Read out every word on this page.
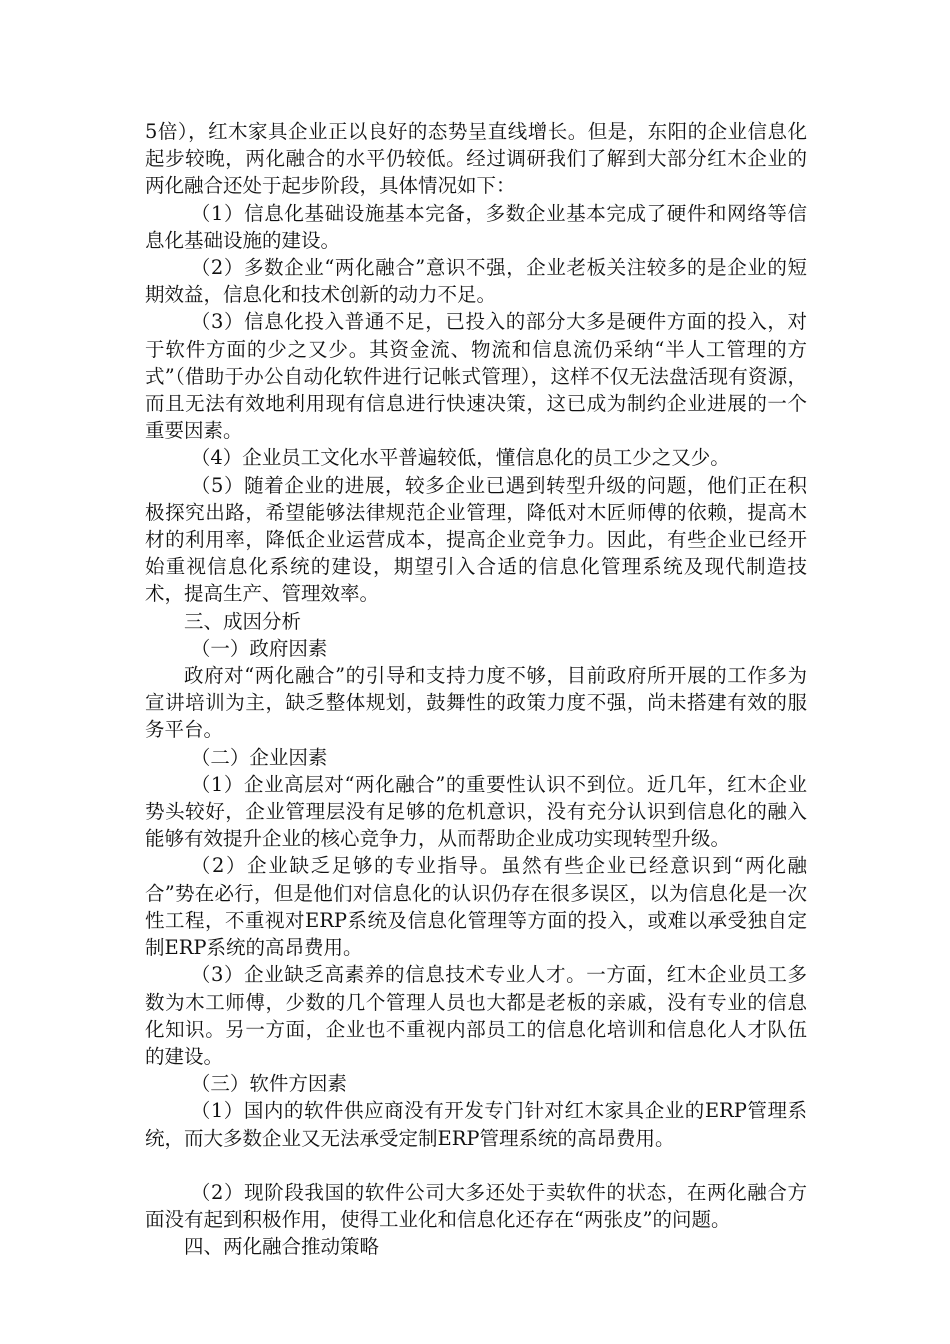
5倍），红木家具企业正以良好的态势呈直线增长。但是，东阳的企业信息化起步较晚，两化融合的水平仍较低。经过调研我们了解到大部分红木企业的两化融合还处于起步阶段，具体情况如下：

（1）信息化基础设施基本完备，多数企业基本完成了硬件和网络等信息化基础设施的建设。

（2）多数企业“两化融合”意识不强，企业老板关注较多的是企业的短期效益，信息化和技术创新的动力不足。

（3）信息化投入普通不足，已投入的部分大多是硬件方面的投入，对于软件方面的少之又少。其资金流、物流和信息流仍采纳“半人工管理的方式”（借助于办公自动化软件进行记帐式管理），这样不仅无法盘活现有资源，而且无法有效地利用现有信息进行快速决策，这已成为制约企业进展的一个重要因素。

（4）企业员工文化水平普遍较低，懂信息化的员工少之又少。

（5）随着企业的进展，较多企业已遇到转型升级的问题，他们正在积极探究出路，希望能够法律规范企业管理，降低对木匠师傅的依赖，提高木材的利用率，降低企业运营成本，提高企业竞争力。因此，有些企业已经开始重视信息化系统的建设，期望引入合适的信息化管理系统及现代制造技术，提高生产、管理效率。

三、成因分析

（一）政府因素

政府对“两化融合”的引导和支持力度不够，目前政府所开展的工作多为宣讲培训为主，缺乏整体规划，鼓舞性的政策力度不强，尚未搭建有效的服务平台。

（二）企业因素

（1）企业高层对“两化融合”的重要性认识不到位。近几年，红木企业势头较好，企业管理层没有足够的危机意识，没有充分认识到信息化的融入能够有效提升企业的核心竞争力，从而帮助企业成功实现转型升级。

（2）企业缺乏足够的专业指导。虽然有些企业已经意识到“两化融合”势在必行，但是他们对信息化的认识仍存在很多误区，以为信息化是一次性工程，不重视对ERP系统及信息化管理等方面的投入，或难以承受独自定制ERP系统的高昂费用。

（3）企业缺乏高素养的信息技术专业人才。一方面，红木企业员工多数为木工师傅，少数的几个管理人员也大都是老板的亲戚，没有专业的信息化知识。另一方面，企业也不重视内部员工的信息化培训和信息化人才队伍的建设。

（三）软件方因素

（1）国内的软件供应商没有开发专门针对红木家具企业的ERP管理系统，而大多数企业又无法承受定制ERP管理系统的高昂费用。

（2）现阶段我国的软件公司大多还处于卖软件的状态，在两化融合方面没有起到积极作用，使得工业化和信息化还存在“两张皮”的问题。

四、两化融合推动策略
